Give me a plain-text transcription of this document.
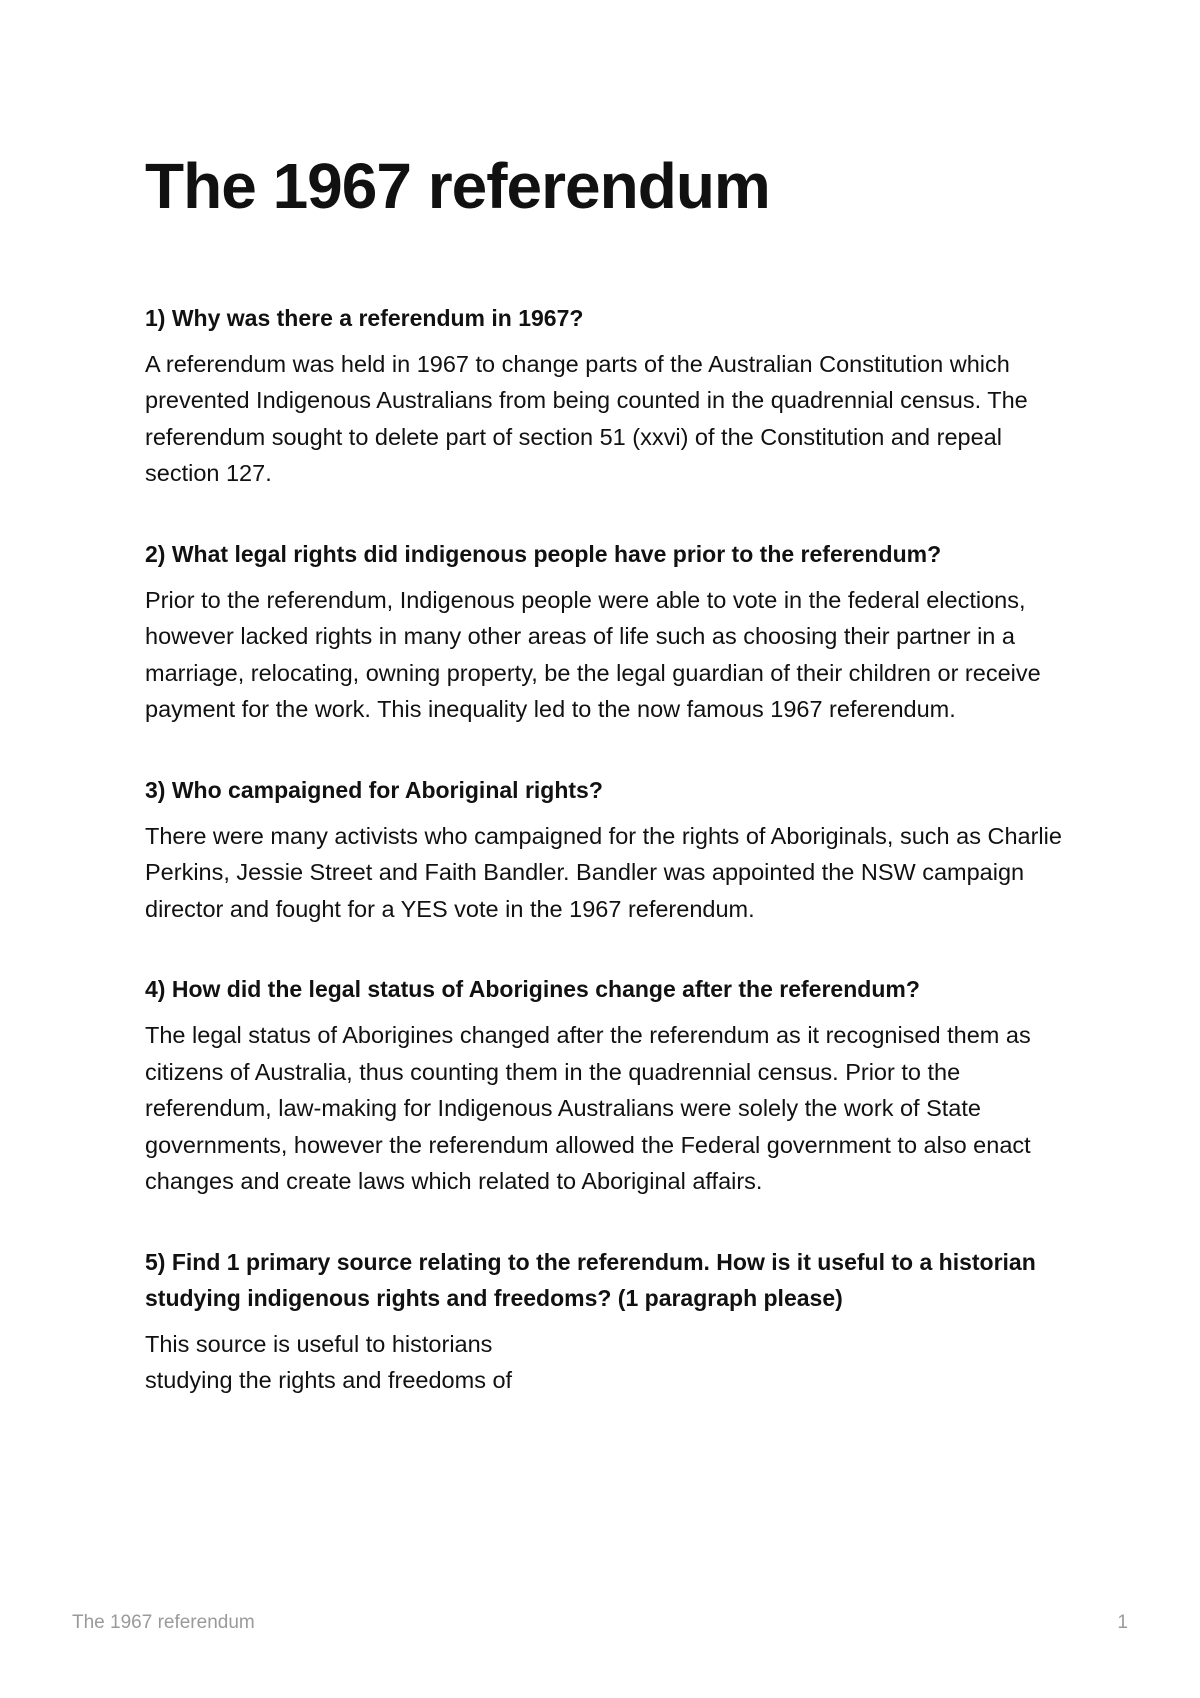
The 1967 referendum

1) Why was there a referendum in 1967?

A referendum was held in 1967 to change parts of the Australian Constitution which prevented Indigenous Australians from being counted in the quadrennial census. The referendum sought to delete part of section 51 (xxvi) of the Constitution and repeal section 127.

2) What legal rights did indigenous people have prior to the referendum?

Prior to the referendum, Indigenous people were able to vote in the federal elections, however lacked rights in many other areas of life such as choosing their partner in a marriage, relocating, owning property, be the legal guardian of their children or receive payment for the work. This inequality led to the now famous 1967 referendum.

3) Who campaigned for Aboriginal rights?

There were many activists who campaigned for the rights of Aboriginals, such as Charlie Perkins, Jessie Street and Faith Bandler. Bandler was appointed the NSW campaign director and fought for a YES vote in the 1967 referendum.

4) How did the legal status of Aborigines change after the referendum?

The legal status of Aborigines changed after the referendum as it recognised them as citizens of Australia, thus counting them in the quadrennial census. Prior to the referendum, law-making for Indigenous Australians were solely the work of State governments, however the referendum allowed the Federal government to also enact changes and create laws which related to Aboriginal affairs.

5) Find 1 primary source relating to the referendum. How is it useful to a historian studying indigenous rights and freedoms? (1 paragraph please)

This source is useful to historians
studying the rights and freedoms of

The 1967 referendum	1
